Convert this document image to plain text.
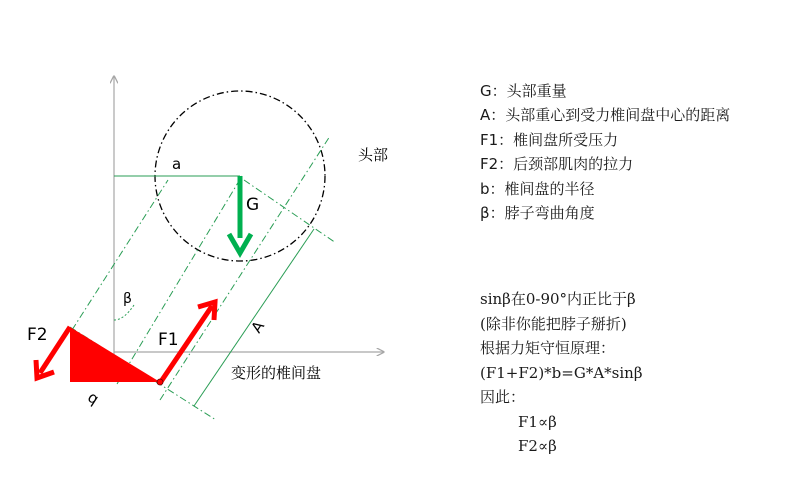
a
G
β
F1
F2	A
b
头部
变形的椎间盘
G：头部重量
A：头部重心到受力椎间盘中心的距离
F1：椎间盘所受压力
F2：后颈部肌肉的拉力
b：椎间盘的半径
β：脖子弯曲角度
sinβ在0-90°内正比于β
(除非你能把脖子掰折)
根据力矩守恒原理：
(F1+F2)*b=G*A*sinβ
因此：
F1∝β
F2∝β
